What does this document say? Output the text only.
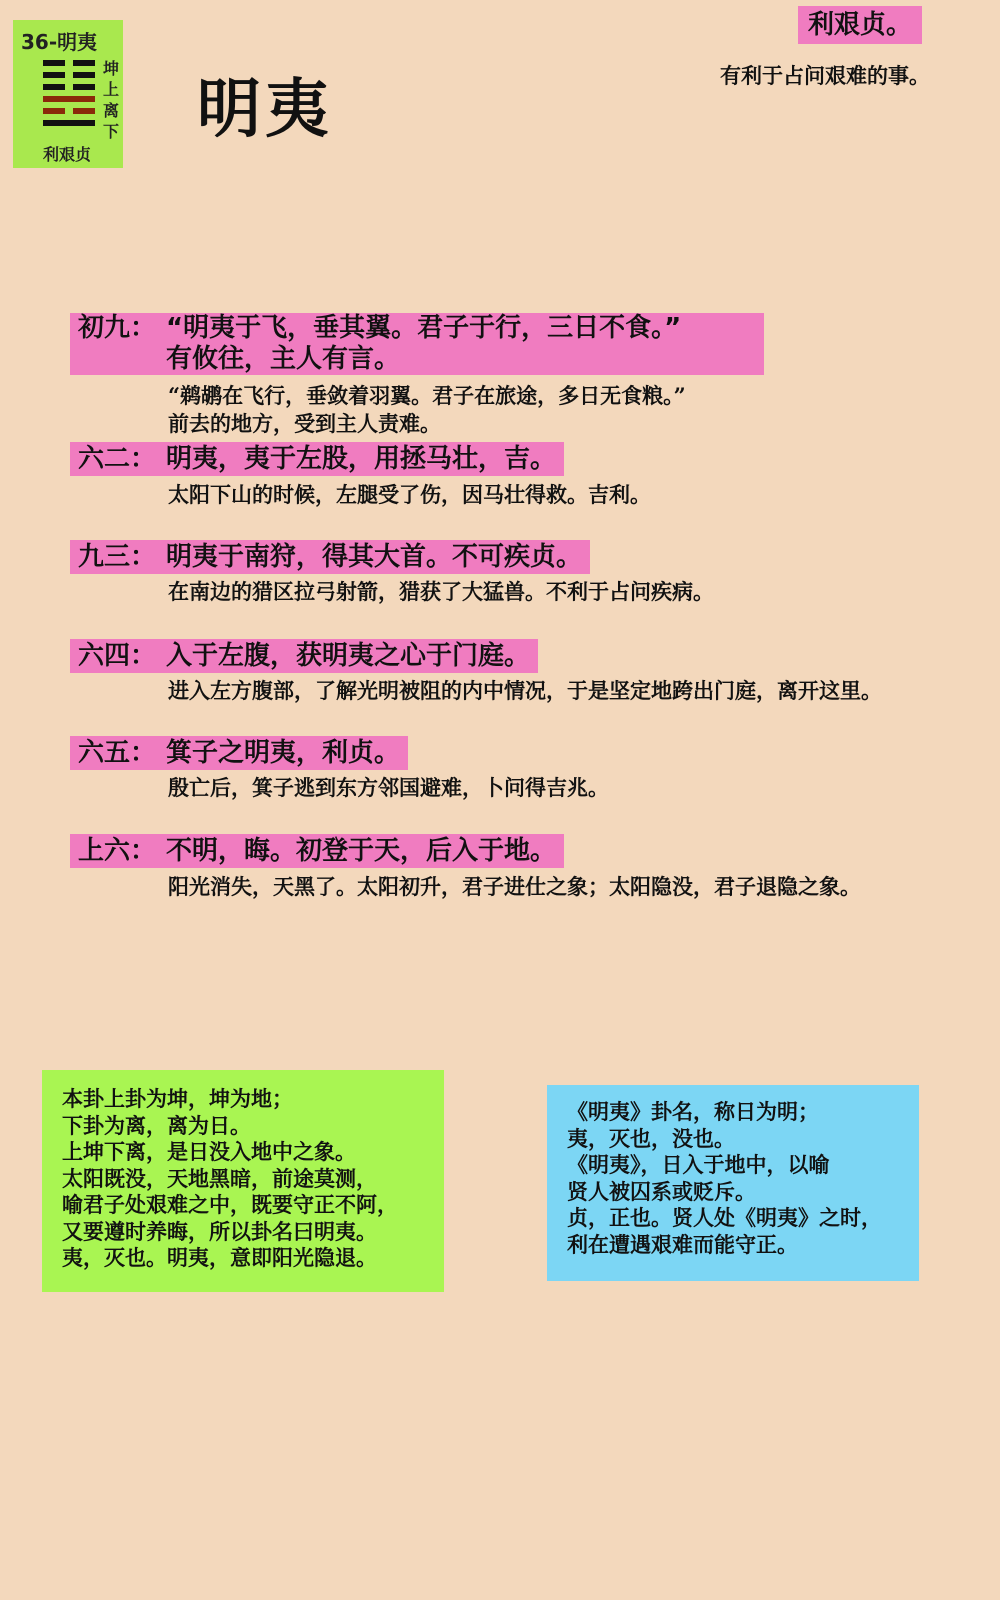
36-明夷
坤上离下
利艰贞
明夷
利艰贞。
有利于占问艰难的事。
初九： “明夷于飞，垂其翼。君子于行，三日不食。”
有攸往，主人有言。
“鹈鹕在飞行，垂敛着羽翼。君子在旅途，多日无食粮。”
前去的地方，受到主人责难。
六二： 明夷，夷于左股，用拯马壮，吉。
太阳下山的时候，左腿受了伤，因马壮得救。吉利。
九三： 明夷于南狩，得其大首。不可疾贞。
在南边的猎区拉弓射箭，猎获了大猛兽。不利于占问疾病。
六四： 入于左腹，获明夷之心于门庭。
进入左方腹部，了解光明被阻的内中情况，于是坚定地跨出门庭，离开这里。
六五： 箕子之明夷，利贞。
殷亡后，箕子逃到东方邻国避难，卜问得吉兆。
上六： 不明，晦。初登于天，后入于地。
阳光消失，天黑了。太阳初升，君子进仕之象；太阳隐没，君子退隐之象。
本卦上卦为坤，坤为地；
下卦为离，离为日。
上坤下离，是日没入地中之象。
太阳既没，天地黑暗，前途莫测，
喻君子处艰难之中，既要守正不阿，
又要遵时养晦，所以卦名曰明夷。
夷，灭也。明夷，意即阳光隐退。
《明夷》卦名，称日为明；
夷，灭也，没也。
《明夷》，日入于地中，以喻
贤人被囚系或贬斥。
贞，正也。贤人处《明夷》之时，
利在遭遇艰难而能守正。
